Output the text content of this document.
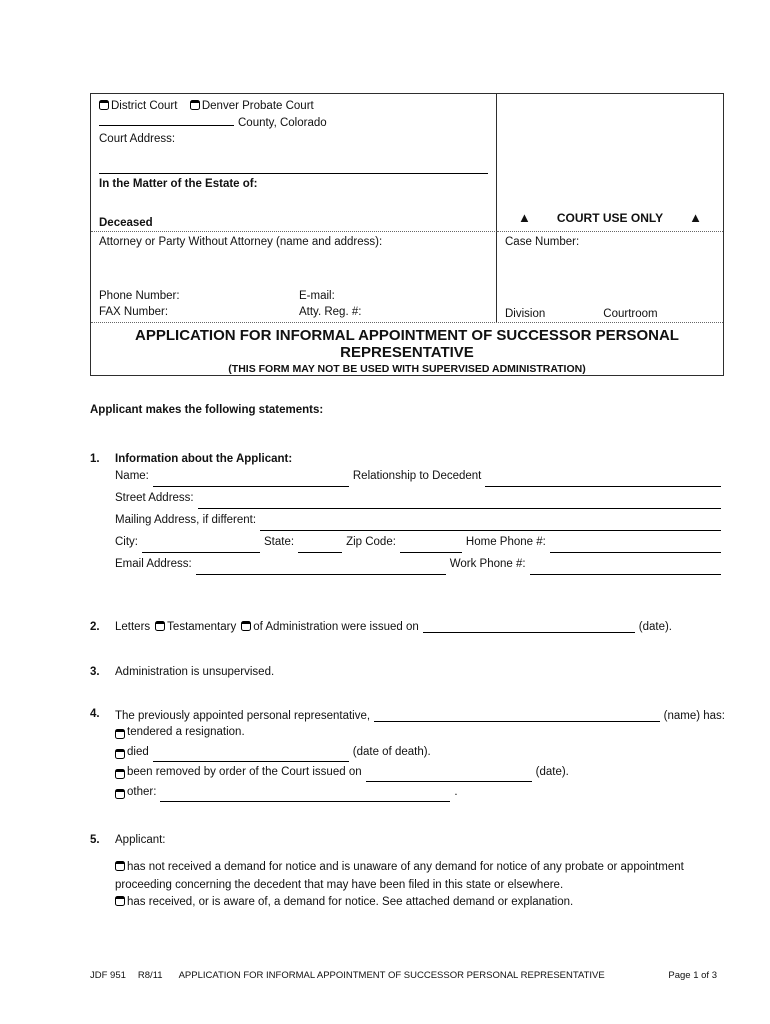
District Court Denver Probate Court
County, Colorado
Court Address:
In the Matter of the Estate of:
Deceased	▲ COURT USE ONLY ▲
Attorney or Party Without Attorney (name and address):
Phone Number:	E-mail:
FAX Number:	Atty. Reg. #:
Case Number:
Division	Courtroom
APPLICATION FOR INFORMAL APPOINTMENT OF SUCCESSOR PERSONAL
REPRESENTATIVE
(THIS FORM MAY NOT BE USED WITH SUPERVISED ADMINISTRATION)
Applicant makes the following statements:
1.	Information about the Applicant:
Name:	Relationship to Decedent
Street Address:
Mailing Address, if different:
City:	State:	Zip Code:	Home Phone #:
Email Address:	Work Phone #:
2.	Letters Testamentary of Administration were issued on	(date).
3.	Administration is unsupervised.
4.	The previously appointed personal representative,	(name) has:
tendered a resignation.
died	(date of death).
been removed by order of the Court issued on	(date).
other:	.
5.	Applicant:
has not received a demand for notice and is unaware of any demand for notice of any probate or appointment proceeding concerning the decedent that may have been filed in this state or elsewhere.
has received, or is aware of, a demand for notice. See attached demand or explanation.
JDF 951 R8/11 APPLICATION FOR INFORMAL APPOINTMENT OF SUCCESSOR PERSONAL REPRESENTATIVE	Page 1 of 3
